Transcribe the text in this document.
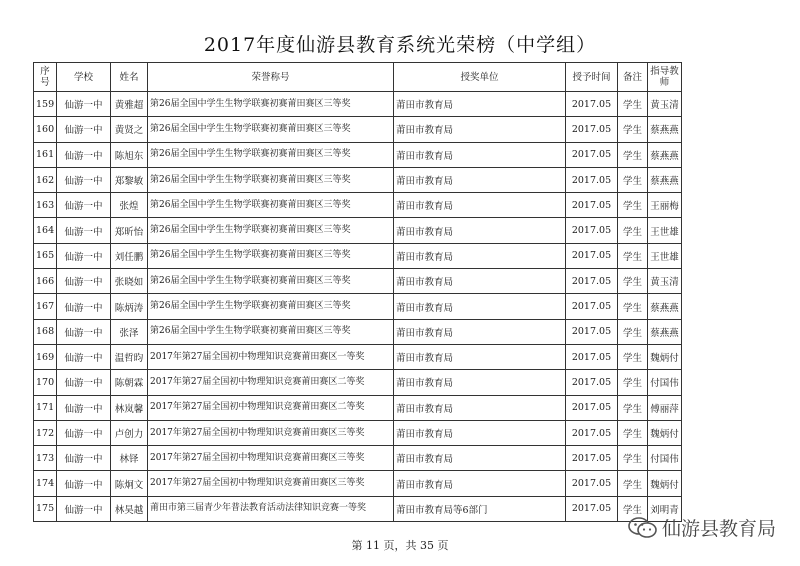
2017年度仙游县教育系统光荣榜（中学组）
序号	学校	姓名	荣誉称号	授奖单位	授予时间	备注	指导教师
159	仙游一中	黄雅超	第26届全国中学生生物学联赛初赛莆田赛区三等奖	莆田市教育局	2017.05	学生	黄玉清
160	仙游一中	黄贤之	第26届全国中学生生物学联赛初赛莆田赛区三等奖	莆田市教育局	2017.05	学生	蔡燕燕
161	仙游一中	陈旭东	第26届全国中学生生物学联赛初赛莆田赛区三等奖	莆田市教育局	2017.05	学生	蔡燕燕
162	仙游一中	郑黎敏	第26届全国中学生生物学联赛初赛莆田赛区三等奖	莆田市教育局	2017.05	学生	蔡燕燕
163	仙游一中	张煌	第26届全国中学生生物学联赛初赛莆田赛区三等奖	莆田市教育局	2017.05	学生	王丽梅
164	仙游一中	郑昕怡	第26届全国中学生生物学联赛初赛莆田赛区三等奖	莆田市教育局	2017.05	学生	王世雄
165	仙游一中	刘任鹏	第26届全国中学生生物学联赛初赛莆田赛区三等奖	莆田市教育局	2017.05	学生	王世雄
166	仙游一中	张晓如	第26届全国中学生生物学联赛初赛莆田赛区三等奖	莆田市教育局	2017.05	学生	黄玉清
167	仙游一中	陈炳涛	第26届全国中学生生物学联赛初赛莆田赛区三等奖	莆田市教育局	2017.05	学生	蔡燕燕
168	仙游一中	张泽	第26届全国中学生生物学联赛初赛莆田赛区三等奖	莆田市教育局	2017.05	学生	蔡燕燕
169	仙游一中	温哲昀	2017年第27届全国初中物理知识竞赛莆田赛区一等奖	莆田市教育局	2017.05	学生	魏炳付
170	仙游一中	陈朝霖	2017年第27届全国初中物理知识竞赛莆田赛区二等奖	莆田市教育局	2017.05	学生	付国伟
171	仙游一中	林岚馨	2017年第27届全国初中物理知识竞赛莆田赛区二等奖	莆田市教育局	2017.05	学生	傅丽萍
172	仙游一中	卢创力	2017年第27届全国初中物理知识竞赛莆田赛区三等奖	莆田市教育局	2017.05	学生	魏炳付
173	仙游一中	林铎	2017年第27届全国初中物理知识竞赛莆田赛区三等奖	莆田市教育局	2017.05	学生	付国伟
174	仙游一中	陈炯文	2017年第27届全国初中物理知识竞赛莆田赛区三等奖	莆田市教育局	2017.05	学生	魏炳付
175	仙游一中	林昊越	莆田市第三届青少年普法教育活动法律知识竞赛一等奖	莆田市教育局等6部门	2017.05	学生	刘明青
第 11 页，共 35 页
仙游县教育局
